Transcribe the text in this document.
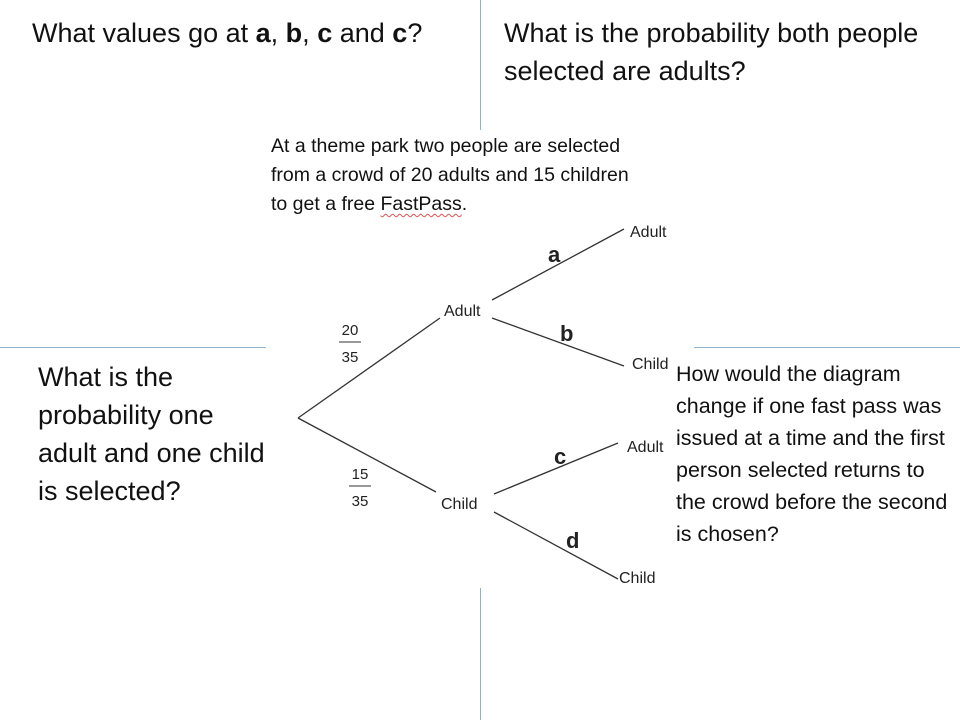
What values go at a, b, c and c?	What is the probability both people selected are adults?
What is the probability one adult and one child is selected?
How would the diagram change if one fast pass was issued at a time and the first person selected returns to the crowd before the second is chosen?
At a theme park two people are selected
from a crowd of 20 adults and 15 children
to get a free FastPass.
Adult
Child
Adult
Child
Adult
Child
a
b
c
d
20
35
15
35
